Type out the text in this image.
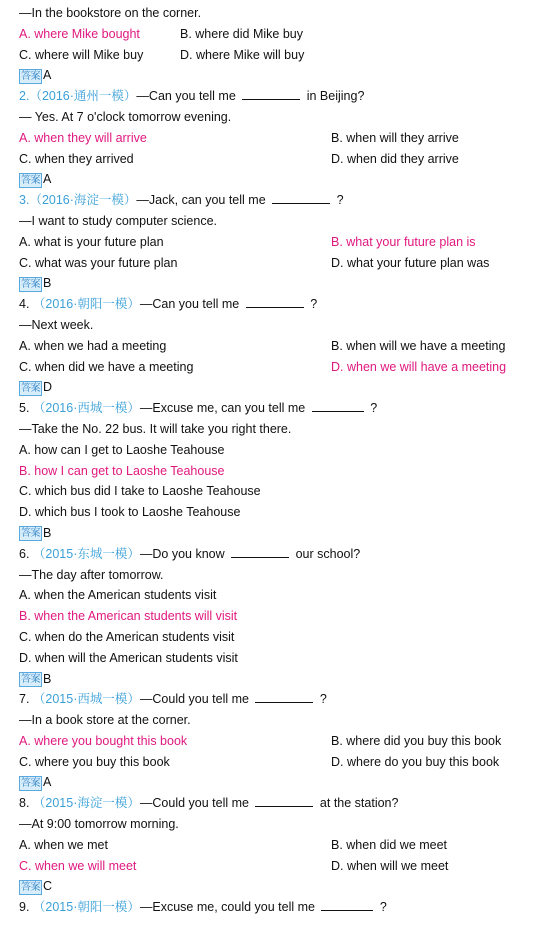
—In the bookstore on the corner.
A. where Mike bought	B. where did Mike buy
C. where will Mike buy	D. where Mike will buy
答案 A
2.（2016·通州一模）—Can you tell me	in Beijing?
— Yes. At 7 o'clock tomorrow evening.
A. when they will arrive	B. when will they arrive
C. when they arrived	D. when did they arrive
答案 A
3.（2016·海淀一模）—Jack, can you tell me	?
—I want to study computer science.
A. what is your future plan	B. what your future plan is
C. what was your future plan	D. what your future plan was
答案 B
4. （2016·朝阳一模）—Can you tell me	?
—Next week.
A. when we had a meeting	B. when will we have a meeting
C. when did we have a meeting	D. when we will have a meeting
答案 D
5. （2016·西城一模）—Excuse me, can you tell me	?
—Take the No. 22 bus. It will take you right there.
A. how can I get to Laoshe Teahouse
B. how I can get to Laoshe Teahouse
C. which bus did I take to Laoshe Teahouse
D. which bus I took to Laoshe Teahouse
答案 B
6. （2015·东城一模）—Do you know	our school?
—The day after tomorrow.
A. when the American students visit
B. when the American students will visit
C. when do the American students visit
D. when will the American students visit
答案 B
7. （2015·西城一模）—Could you tell me	?
—In a book store at the corner.
A. where you bought this book	B. where did you buy this book
C. where you buy this book	D. where do you buy this book
答案 A
8. （2015·海淀一模）—Could you tell me	at the station?
—At 9:00 tomorrow morning.
A. when we met	B. when did we meet
C. when we will meet	D. when will we meet
答案 C
9. （2015·朝阳一模）—Excuse me, could you tell me	?
